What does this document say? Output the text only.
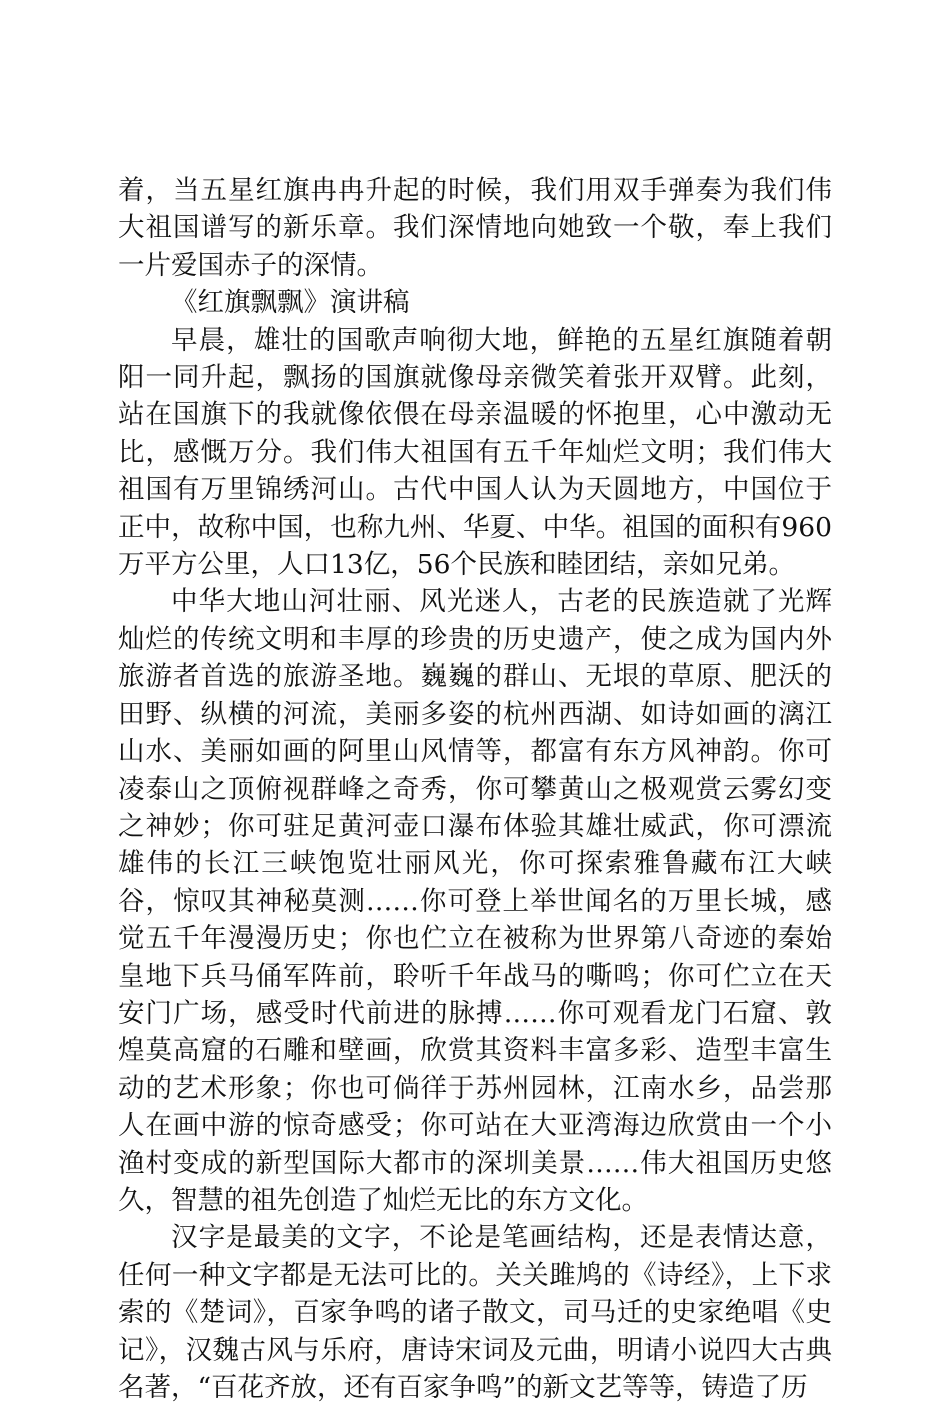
着，当五星红旗冉冉升起的时候，我们用双手弹奏为我们伟大祖国谱写的新乐章。我们深情地向她致一个敬，奉上我们一片爱国赤子的深情。

《红旗飘飘》演讲稿

早晨，雄壮的国歌声响彻大地，鲜艳的五星红旗随着朝阳一同升起，飘扬的国旗就像母亲微笑着张开双臂。此刻，站在国旗下的我就像依偎在母亲温暖的怀抱里，心中激动无比，感慨万分。我们伟大祖国有五千年灿烂文明；我们伟大祖国有万里锦绣河山。古代中国人认为天圆地方，中国位于正中，故称中国，也称九州、华夏、中华。祖国的面积有960万平方公里，人口13亿，56个民族和睦团结，亲如兄弟。

中华大地山河壮丽、风光迷人，古老的民族造就了光辉灿烂的传统文明和丰厚的珍贵的历史遗产，使之成为国内外旅游者首选的旅游圣地。巍巍的群山、无垠的草原、肥沃的田野、纵横的河流，美丽多姿的杭州西湖、如诗如画的漓江山水、美丽如画的阿里山风情等，都富有东方风神韵。你可凌泰山之顶俯视群峰之奇秀，你可攀黄山之极观赏云雾幻变之神妙；你可驻足黄河壶口瀑布体验其雄壮威武，你可漂流雄伟的长江三峡饱览壮丽风光，你可探索雅鲁藏布江大峡谷，惊叹其神秘莫测……你可登上举世闻名的万里长城，感觉五千年漫漫历史；你也伫立在被称为世界第八奇迹的秦始皇地下兵马俑军阵前，聆听千年战马的嘶鸣；你可伫立在天安门广场，感受时代前进的脉搏……你可观看龙门石窟、敦煌莫高窟的石雕和壁画，欣赏其资料丰富多彩、造型丰富生动的艺术形象；你也可倘徉于苏州园林，江南水乡，品尝那人在画中游的惊奇感受；你可站在大亚湾海边欣赏由一个小渔村变成的新型国际大都市的深圳美景……伟大祖国历史悠久，智慧的祖先创造了灿烂无比的东方文化。

汉字是最美的文字，不论是笔画结构，还是表情达意，任何一种文字都是无法可比的。关关雎鸠的《诗经》，上下求索的《楚词》，百家争鸣的诸子散文，司马迁的史家绝唱《史记》，汉魏古风与乐府，唐诗宋词及元曲，明请小说四大古典名著，“百花齐放，还有百家争鸣”的新文艺等等，铸造了历
